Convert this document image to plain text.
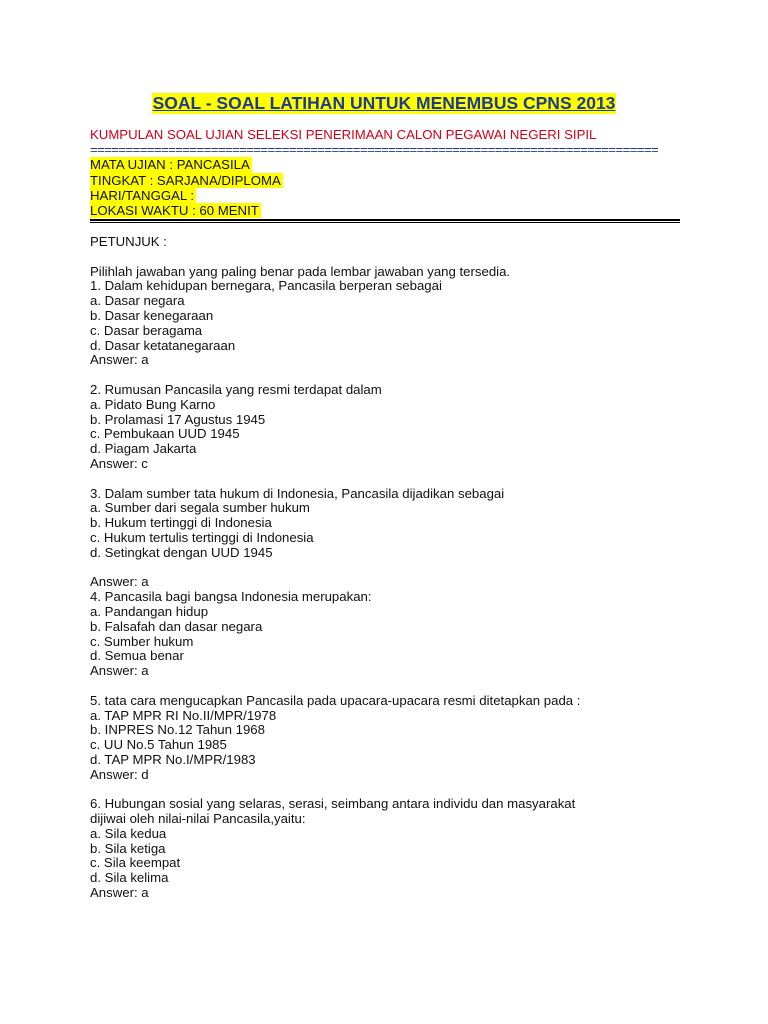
SOAL - SOAL LATIHAN UNTUK MENEMBUS CPNS 2013
KUMPULAN SOAL UJIAN SELEKSI PENERIMAAN CALON PEGAWAI NEGERI SIPIL
================================================================================
MATA UJIAN : PANCASILA
TINGKAT : SARJANA/DIPLOMA
HARI/TANGGAL :
LOKASI WAKTU : 60 MENIT
PETUNJUK :
Pilihlah jawaban yang paling benar pada lembar jawaban yang tersedia.
1. Dalam kehidupan bernegara, Pancasila berperan sebagai
a. Dasar negara
b. Dasar kenegaraan
c. Dasar beragama
d. Dasar ketatanegaraan
Answer: a
2. Rumusan Pancasila yang resmi terdapat dalam
a. Pidato Bung Karno
b. Prolamasi 17 Agustus 1945
c. Pembukaan UUD 1945
d. Piagam Jakarta
Answer: c
3. Dalam sumber tata hukum di Indonesia, Pancasila dijadikan sebagai
a. Sumber dari segala sumber hukum
b. Hukum tertinggi di Indonesia
c. Hukum tertulis tertinggi di Indonesia
d. Setingkat dengan UUD 1945
Answer: a
4. Pancasila bagi bangsa Indonesia merupakan:
a. Pandangan hidup
b. Falsafah dan dasar negara
c. Sumber hukum
d. Semua benar
Answer: a
5. tata cara mengucapkan Pancasila pada upacara-upacara resmi ditetapkan pada :
a. TAP MPR RI No.II/MPR/1978
b. INPRES No.12 Tahun 1968
c. UU No.5 Tahun 1985
d. TAP MPR No.I/MPR/1983
Answer: d
6. Hubungan sosial yang selaras, serasi, seimbang antara individu dan masyarakat
dijiwai oleh nilai-nilai Pancasila,yaitu:
a. Sila kedua
b. Sila ketiga
c. Sila keempat
d. Sila kelima
Answer: a
